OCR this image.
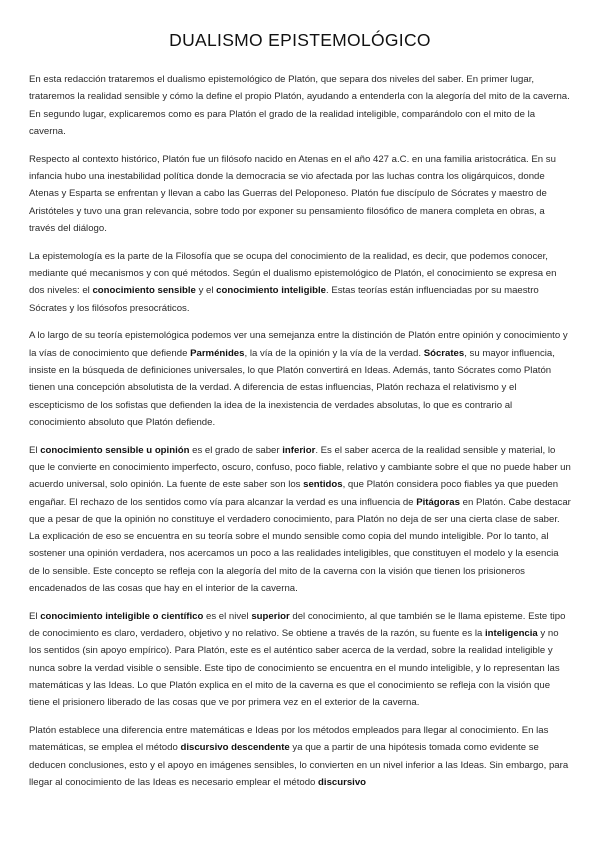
DUALISMO EPISTEMOLÓGICO

En esta redacción trataremos el dualismo epistemológico de Platón, que separa dos niveles del saber. En primer lugar, trataremos la realidad sensible y cómo la define el propio Platón, ayudando a entenderla con la alegoría del mito de la caverna. En segundo lugar, explicaremos como es para Platón el grado de la realidad inteligible, comparándolo con el mito de la caverna.

Respecto al contexto histórico, Platón fue un filósofo nacido en Atenas en el año 427 a.C. en una familia aristocrática. En su infancia hubo una inestabilidad política donde la democracia se vio afectada por las luchas contra los oligárquicos, donde Atenas y Esparta se enfrentan y llevan a cabo las Guerras del Peloponeso. Platón fue discípulo de Sócrates y maestro de Aristóteles y tuvo una gran relevancia, sobre todo por exponer su pensamiento filosófico de manera completa en obras, a través del diálogo.

La epistemología es la parte de la Filosofía que se ocupa del conocimiento de la realidad, es decir, que podemos conocer, mediante qué mecanismos y con qué métodos. Según el dualismo epistemológico de Platón, el conocimiento se expresa en dos niveles: el conocimiento sensible y el conocimiento inteligible. Estas teorías están influenciadas por su maestro Sócrates y los filósofos presocráticos.

A lo largo de su teoría epistemológica podemos ver una semejanza entre la distinción de Platón entre opinión y conocimiento y la vías de conocimiento que defiende Parménides, la vía de la opinión y la vía de la verdad. Sócrates, su mayor influencia, insiste en la búsqueda de definiciones universales, lo que Platón convertirá en Ideas. Además, tanto Sócrates como Platón tienen una concepción absolutista de la verdad. A diferencia de estas influencias, Platón rechaza el relativismo y el escepticismo de los sofistas que defienden la idea de la inexistencia de verdades absolutas, lo que es contrario al conocimiento absoluto que Platón defiende.

El conocimiento sensible u opinión es el grado de saber inferior. Es el saber acerca de la realidad sensible y material, lo que le convierte en conocimiento imperfecto, oscuro, confuso, poco fiable, relativo y cambiante sobre el que no puede haber un acuerdo universal, solo opinión. La fuente de este saber son los sentidos, que Platón considera poco fiables ya que pueden engañar. El rechazo de los sentidos como vía para alcanzar la verdad es una influencia de Pitágoras en Platón. Cabe destacar que a pesar de que la opinión no constituye el verdadero conocimiento, para Platón no deja de ser una cierta clase de saber. La explicación de eso se encuentra en su teoría sobre el mundo sensible como copia del mundo inteligible. Por lo tanto, al sostener una opinión verdadera, nos acercamos un poco a las realidades inteligibles, que constituyen el modelo y la esencia de lo sensible. Este concepto se refleja con la alegoría del mito de la caverna con la visión que tienen los prisioneros encadenados de las cosas que hay en el interior de la caverna.

El conocimiento inteligible o científico es el nivel superior del conocimiento, al que también se le llama episteme. Este tipo de conocimiento es claro, verdadero, objetivo y no relativo. Se obtiene a través de la razón, su fuente es la inteligencia y no los sentidos (sin apoyo empírico). Para Platón, este es el auténtico saber acerca de la verdad, sobre la realidad inteligible y nunca sobre la verdad visible o sensible. Este tipo de conocimiento se encuentra en el mundo inteligible, y lo representan las matemáticas y las Ideas. Lo que Platón explica en el mito de la caverna es que el conocimiento se refleja con la visión que tiene el prisionero liberado de las cosas que ve por primera vez en el exterior de la caverna.

Platón establece una diferencia entre matemáticas e Ideas por los métodos empleados para llegar al conocimiento. En las matemáticas, se emplea el método discursivo descendente ya que a partir de una hipótesis tomada como evidente se deducen conclusiones, esto y el apoyo en imágenes sensibles, lo convierten en un nivel inferior a las Ideas. Sin embargo, para llegar al conocimiento de las Ideas es necesario emplear el método discursivo
